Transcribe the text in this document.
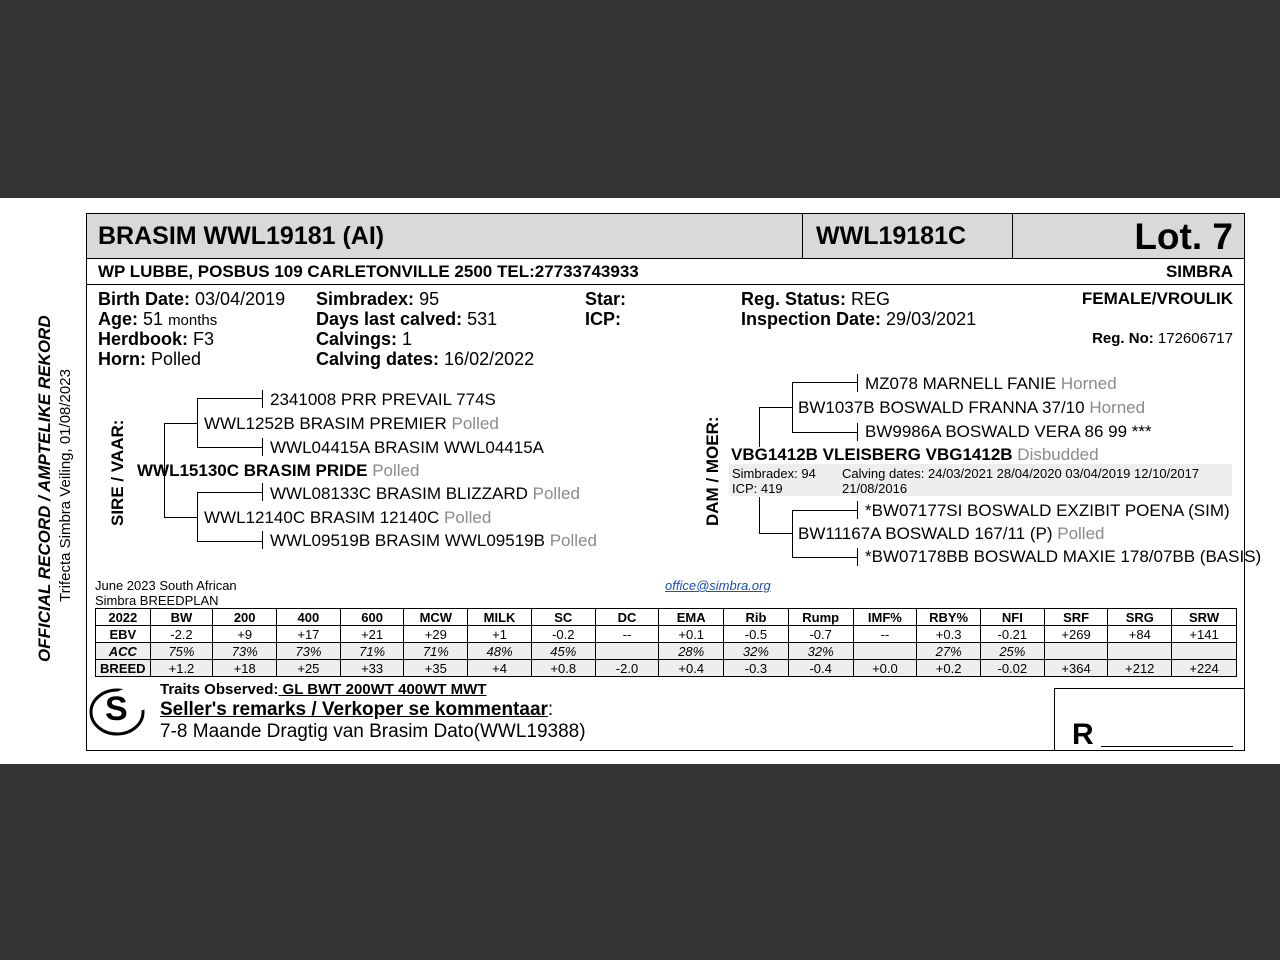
OFFICIAL RECORD / AMPTELIKE REKORD Trifecta Simbra Veiling, 01/08/2023
BRASIM WWL19181 (AI)	WWL19181C	Lot. 7
WP LUBBE, POSBUS 109 CARLETONVILLE 2500 TEL:27733743933	SIMBRA
Birth Date: 03/04/2019
Age: 51 months
Herdbook: F3
Horn: Polled
Simbradex: 95
Days last calved: 531
Calvings: 1
Calving dates: 16/02/2022
Star:
ICP:
Reg. Status: REG
Inspection Date: 29/03/2021
FEMALE/VROULIK
Reg. No: 172606717
SIRE / VAAR:
2341008 PRR PREVAIL 774S
WWL1252B BRASIM PREMIER Polled
WWL04415A BRASIM WWL04415A
WWL15130C BRASIM PRIDE Polled
WWL08133C BRASIM BLIZZARD Polled
WWL12140C BRASIM 12140C Polled
WWL09519B BRASIM WWL09519B Polled
DAM / MOER:
MZ078 MARNELL FANIE Horned
BW1037B BOSWALD FRANNA 37/10 Horned
BW9986A BOSWALD VERA 86 99 ***
VBG1412B VLEISBERG VBG1412B Disbudded
Simbradex: 94
ICP: 419
Calving dates: 24/03/2021 28/04/2020 03/04/2019 12/10/2017
21/08/2016
*BW07177SI BOSWALD EXZIBIT POENA (SIM)
BW11167A BOSWALD 167/11 (P) Polled
*BW07178BB BOSWALD MAXIE 178/07BB (BASIS)
June 2023 South African
Simbra BREEDPLAN
office@simbra.org
2022	BW	200	400	600	MCW	MILK	SC	DC	EMA	Rib	Rump	IMF%	RBY%	NFI	SRF	SRG	SRW
EBV	-2.2	+9	+17	+21	+29	+1	-0.2	--	+0.1	-0.5	-0.7	--	+0.3	-0.21	+269	+84	+141
ACC	75%	73%	73%	71%	71%	48%	45%		28%	32%	32%		27%	25%			
BREED	+1.2	+18	+25	+33	+35	+4	+0.8	-2.0	+0.4	-0.3	-0.4	+0.0	+0.2	-0.02	+364	+212	+224
S
Traits Observed: GL BWT 200WT 400WT MWT
Seller's remarks / Verkoper se kommentaar:
7-8 Maande Dragtig van Brasim Dato(WWL19388)	R
